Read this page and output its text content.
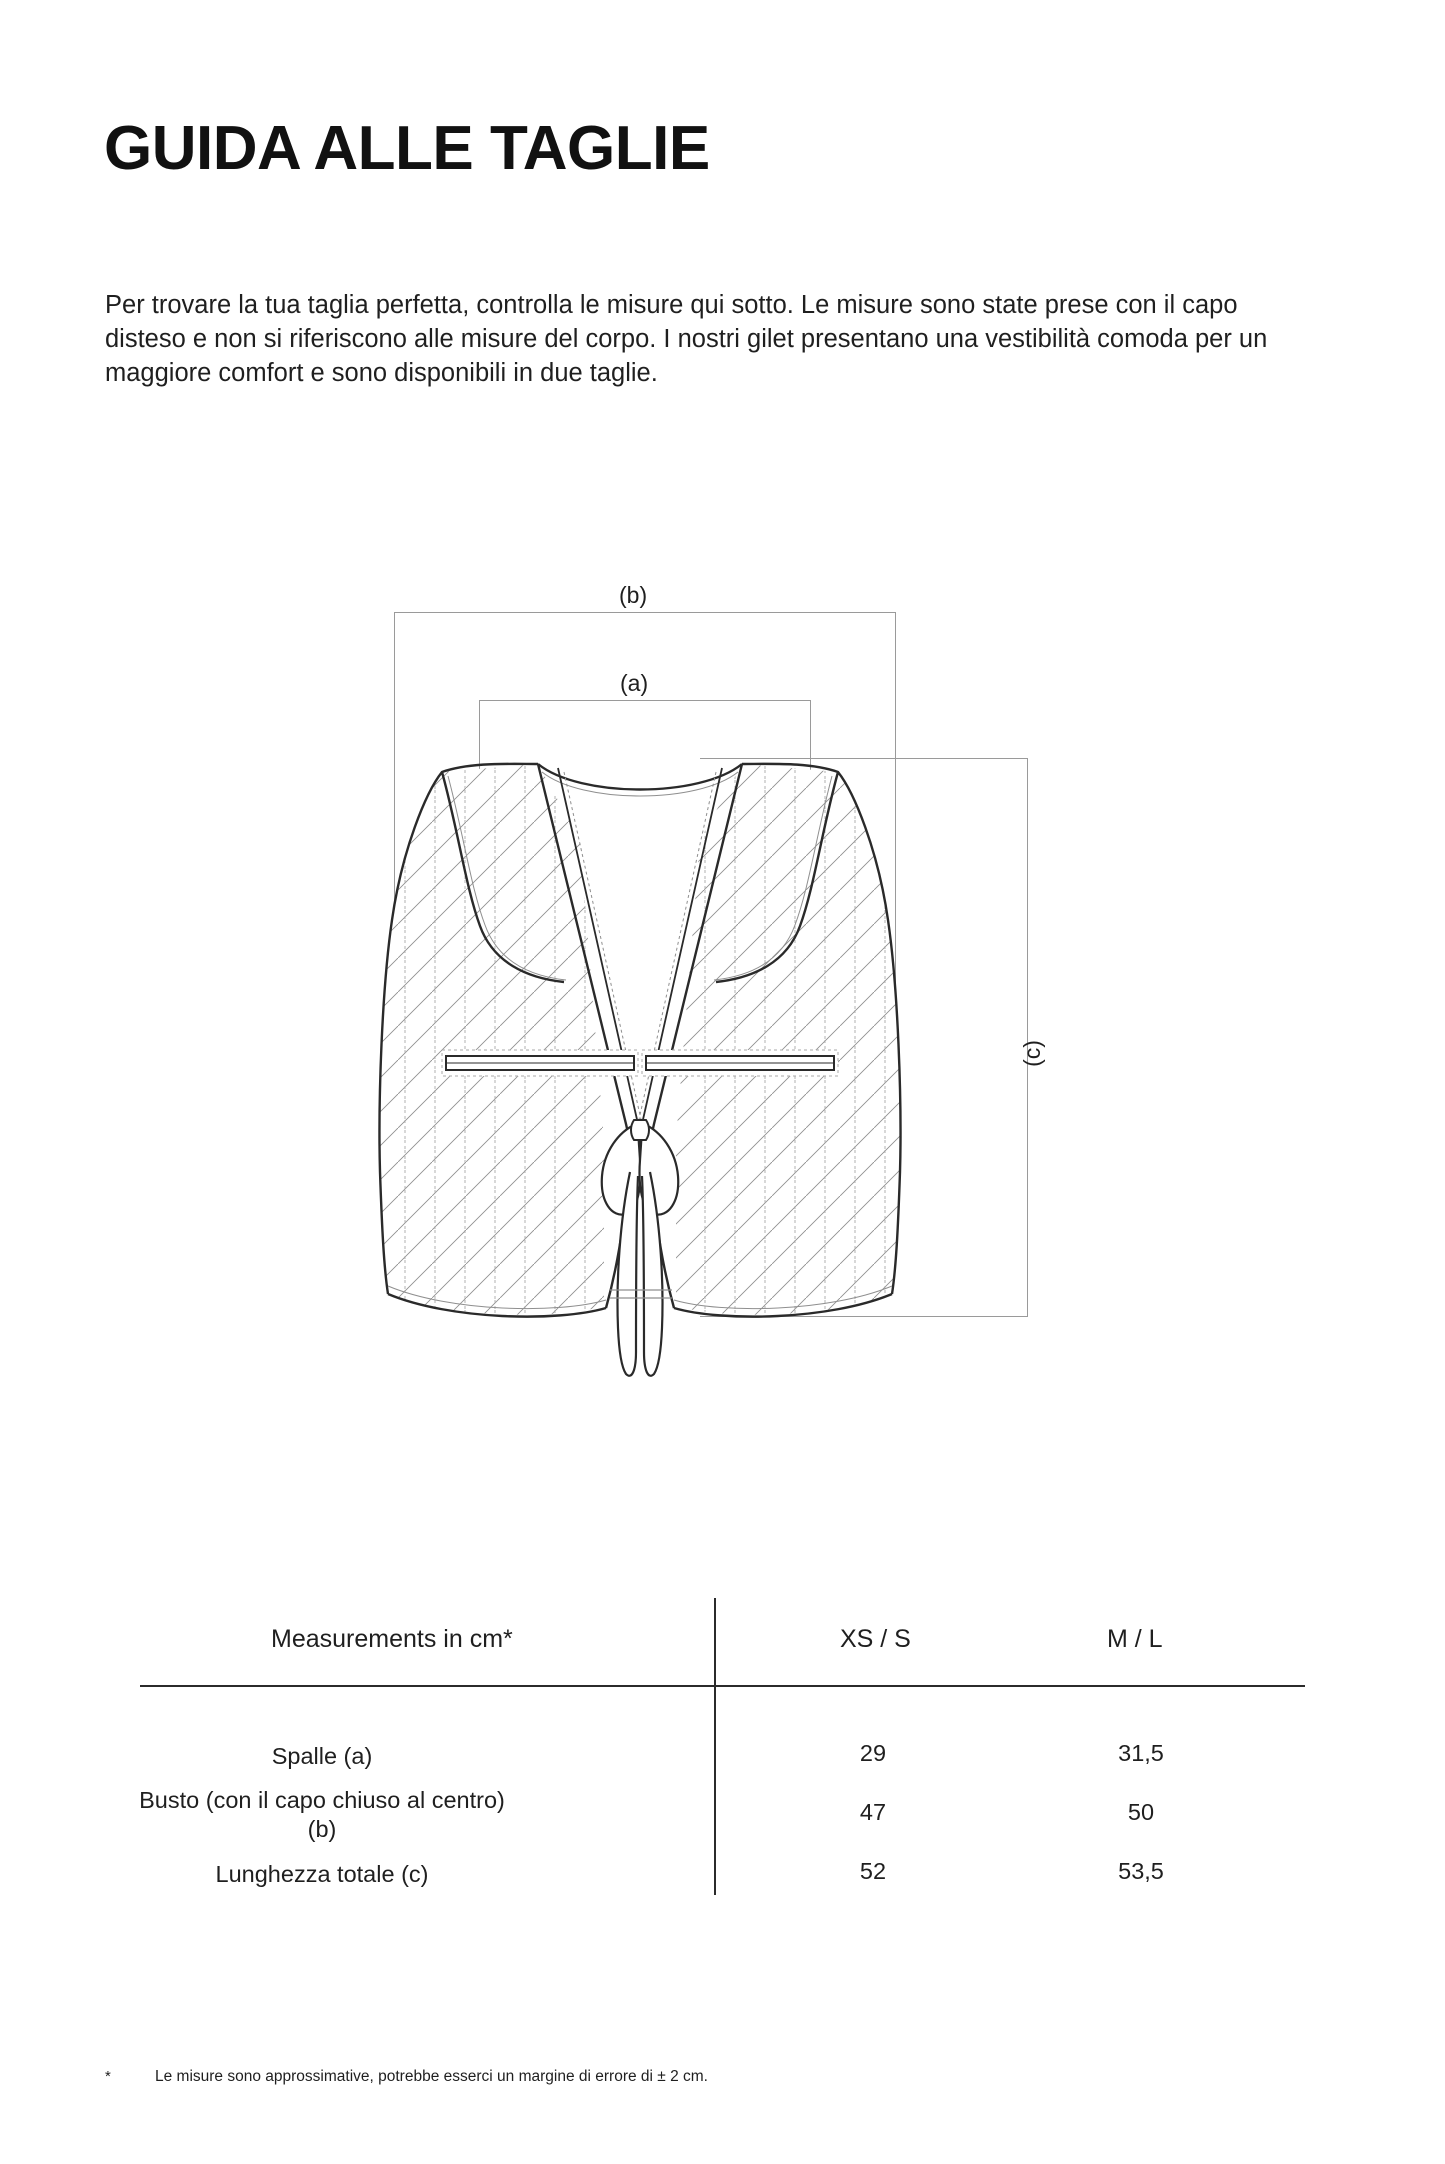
GUIDA ALLE TAGLIE
Per trovare la tua taglia perfetta, controlla le misure qui sotto. Le misure sono state prese con il capo disteso e non si riferiscono alle misure del corpo. I nostri gilet presentano una vestibilità comoda per un maggiore comfort e sono disponibili in due taglie.
(b)
(a)
(c)
Measurements in cm*	XS / S	M / L
Spalle (a)	29	31,5
Busto (con il capo chiuso al centro)
(b)
47	50
Lunghezza totale (c)	52	53,5
*	Le misure sono approssimative, potrebbe esserci un margine di errore di ± 2 cm.
